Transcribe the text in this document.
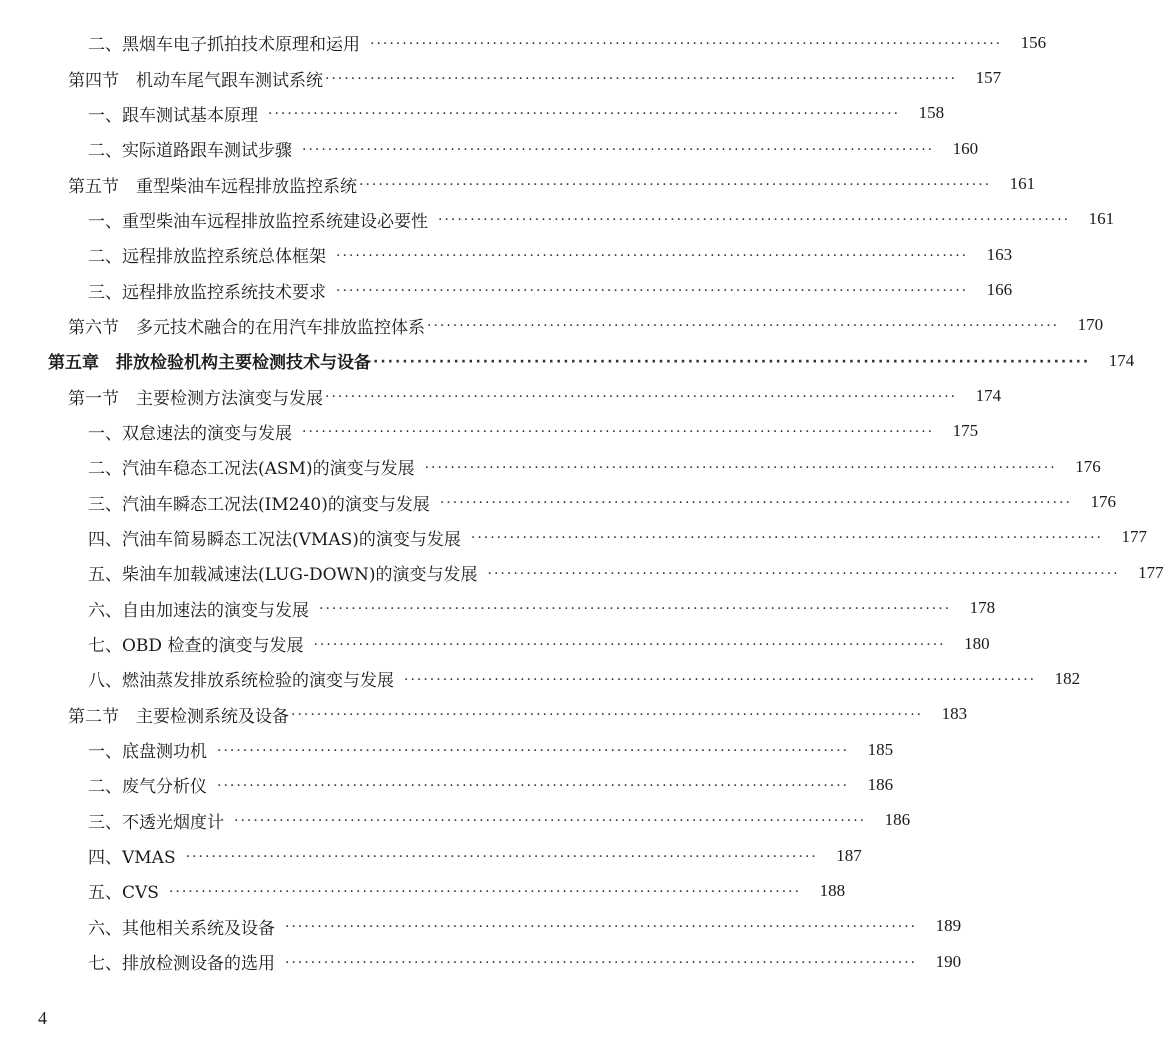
二、黑烟车电子抓拍技术原理和运用 ··································································································	156
第四节　机动车尾气跟车测试系统 ··································································································	157
一、跟车测试基本原理 ··································································································	158
二、实际道路跟车测试步骤 ··································································································	160
第五节　重型柴油车远程排放监控系统 ··································································································	161
一、重型柴油车远程排放监控系统建设必要性 ··································································································	161
二、远程排放监控系统总体框架 ··································································································	163
三、远程排放监控系统技术要求 ··································································································	166
第六节　多元技术融合的在用汽车排放监控体系 ··································································································	170
第五章　排放检验机构主要检测技术与设备 ··································································································	174
第一节　主要检测方法演变与发展 ··································································································	174
一、双怠速法的演变与发展 ··································································································	175
二、汽油车稳态工况法(ASM)的演变与发展 ··································································································	176
三、汽油车瞬态工况法(IM240)的演变与发展 ··································································································	176
四、汽油车简易瞬态工况法(VMAS)的演变与发展 ··································································································	177
五、柴油车加载减速法(LUG-DOWN)的演变与发展 ··································································································	177
六、自由加速法的演变与发展 ··································································································	178
七、OBD 检查的演变与发展 ··································································································	180
八、燃油蒸发排放系统检验的演变与发展 ··································································································	182
第二节　主要检测系统及设备 ··································································································	183
一、底盘测功机 ··································································································	185
二、废气分析仪 ··································································································	186
三、不透光烟度计 ··································································································	186
四、VMAS ··································································································	187
五、CVS ··································································································	188
六、其他相关系统及设备 ··································································································	189
七、排放检测设备的选用 ··································································································	190
4
